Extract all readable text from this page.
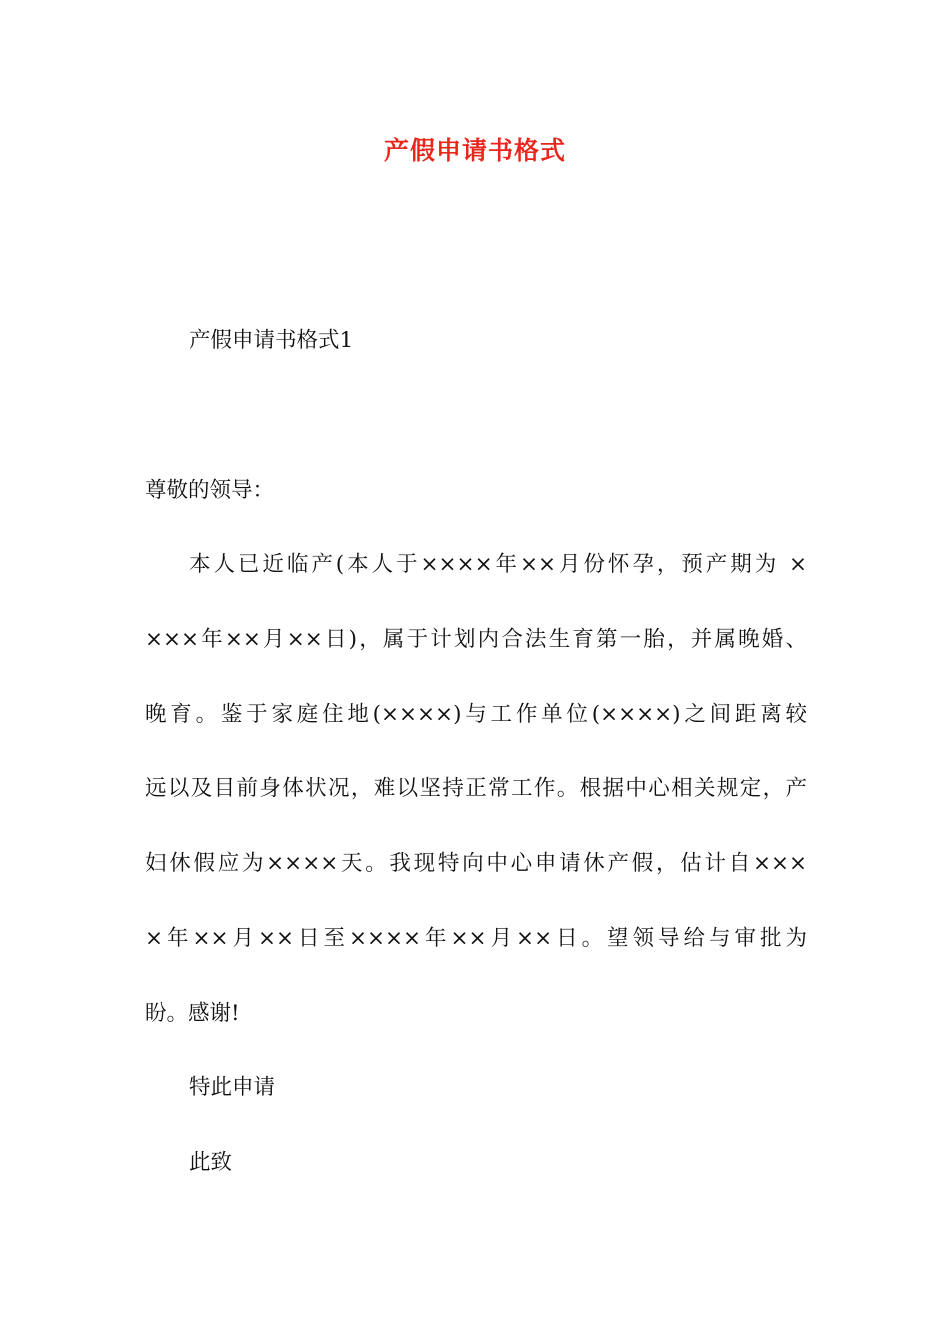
产假申请书格式
产假申请书格式1
尊敬的领导：
本人已近临产(本人于××××年××月份怀孕，预产期为 ×
×××年××月××日)，属于计划内合法生育第一胎，并属晚婚、
晚育。鉴于家庭住地(××××)与工作单位(××××)之间距离较
远以及目前身体状况，难以坚持正常工作。根据中心相关规定，产
妇休假应为××××天。我现特向中心申请休产假，估计自×××
×年××月××日至××××年××月××日。望领导给与审批为
盼。感谢!
特此申请
此致
